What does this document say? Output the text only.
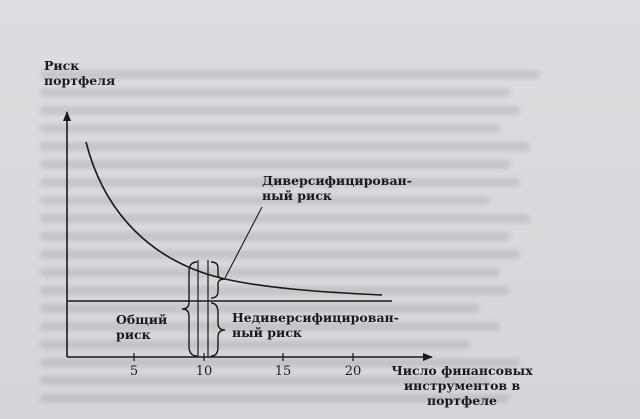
Риск
портфеля

Диверсифицирован-
ный риск

Недиверсифицирован-
ный риск

Общий
риск

Число финансовых
инструментов в
портфеле

5	10	15	20
